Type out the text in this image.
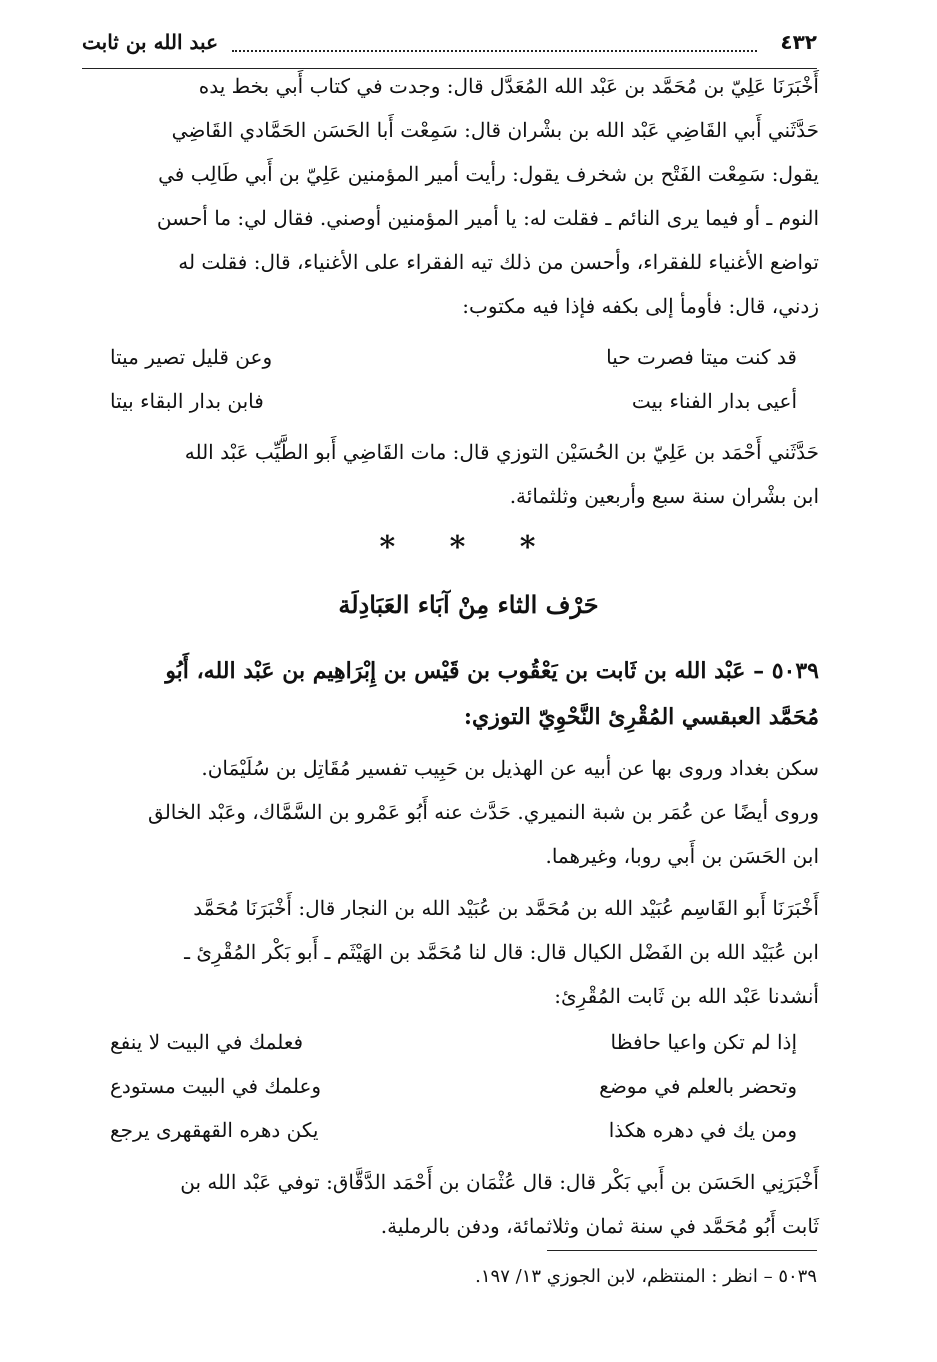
٤٣٢
عبد الله بن ثابت
أَخْبَرَنَا عَلِيّ بن مُحَمَّد بن عَبْد الله المُعَدَّل قال: وجدت في كتاب أَبي بخط يده
حَدَّثَني أَبي القَاضِي عَبْد الله بن بشْران قال: سَمِعْت أَبا الحَسَن الحَمَّادي القَاضِي
يقول: سَمِعْت الفَتْح بن شخرف يقول: رأيت أمير المؤمنين عَلِيّ بن أَبي طَالِب في
النوم ـ أو فيما يرى النائم ـ فقلت له: يا أمير المؤمنين أوصني. فقال لي: ما أحسن
تواضع الأغنياء للفقراء، وأحسن من ذلك تيه الفقراء على الأغنياء، قال: فقلت له
زدني، قال: فأومأ إلى بكفه فإذا فيه مكتوب:
قد كنت ميتا فصرت حيا
وعن قليل تصير ميتا
أعيى بدار الفناء بيت
فابن بدار البقاء بيتا
حَدَّثَني أَحْمَد بن عَلِيّ بن الحُسَيْن التوزي قال: مات القَاضِي أَبو الطَّيِّب عَبْد الله
ابن بشْران سنة سبع وأربعين وثلثمائة.
* * *
حَرْف الثاء مِنْ آبَاء العَبَادِلَة
٥٠٣٩ – عَبْد الله بن ثَابت بن يَعْقُوب بن قَيْس بن إِبْرَاهِيم بن عَبْد الله، أَبُو
مُحَمَّد العبقسي المُقْرِئ النَّحْوِيّ التوزي:
سكن بغداد وروى بها عن أبيه عن الهذيل بن حَبِيب تفسير مُقَاتِل بن سُلَيْمَان.
وروى أيضًا عن عُمَر بن شبة النميري. حَدَّث عنه أَبُو عَمْرو بن السَّمَّاك، وعَبْد الخالق
ابن الحَسَن بن أَبي روبا، وغيرهما.
أَخْبَرَنَا أَبو القَاسِم عُبَيْد الله بن مُحَمَّد بن عُبَيْد الله بن النجار قال: أَخْبَرَنَا مُحَمَّد
ابن عُبَيْد الله بن الفَضْل الكيال قال: قال لنا مُحَمَّد بن الهَيْثَم ـ أَبو بَكْر المُقْرِئ ـ
أنشدنا عَبْد الله بن ثَابت المُقْرِئ:
إذا لم تكن واعيا حافظا
فعلمك في البيت لا ينفع
وتحضر بالعلم في موضع
وعلمك في البيت مستودع
ومن يك في دهره هكذا
يكن دهره القهقهرى يرجع
أَخْبَرَنِي الحَسَن بن أَبي بَكْر قال: قال عُثْمَان بن أَحْمَد الدَّقَّاق: توفي عَبْد الله بن
ثَابت أَبُو مُحَمَّد في سنة ثمان وثلاثمائة، ودفن بالرملية.
٥٠٣٩ – انظر : المنتظم، لابن الجوزي ١٣/ ١٩٧.
